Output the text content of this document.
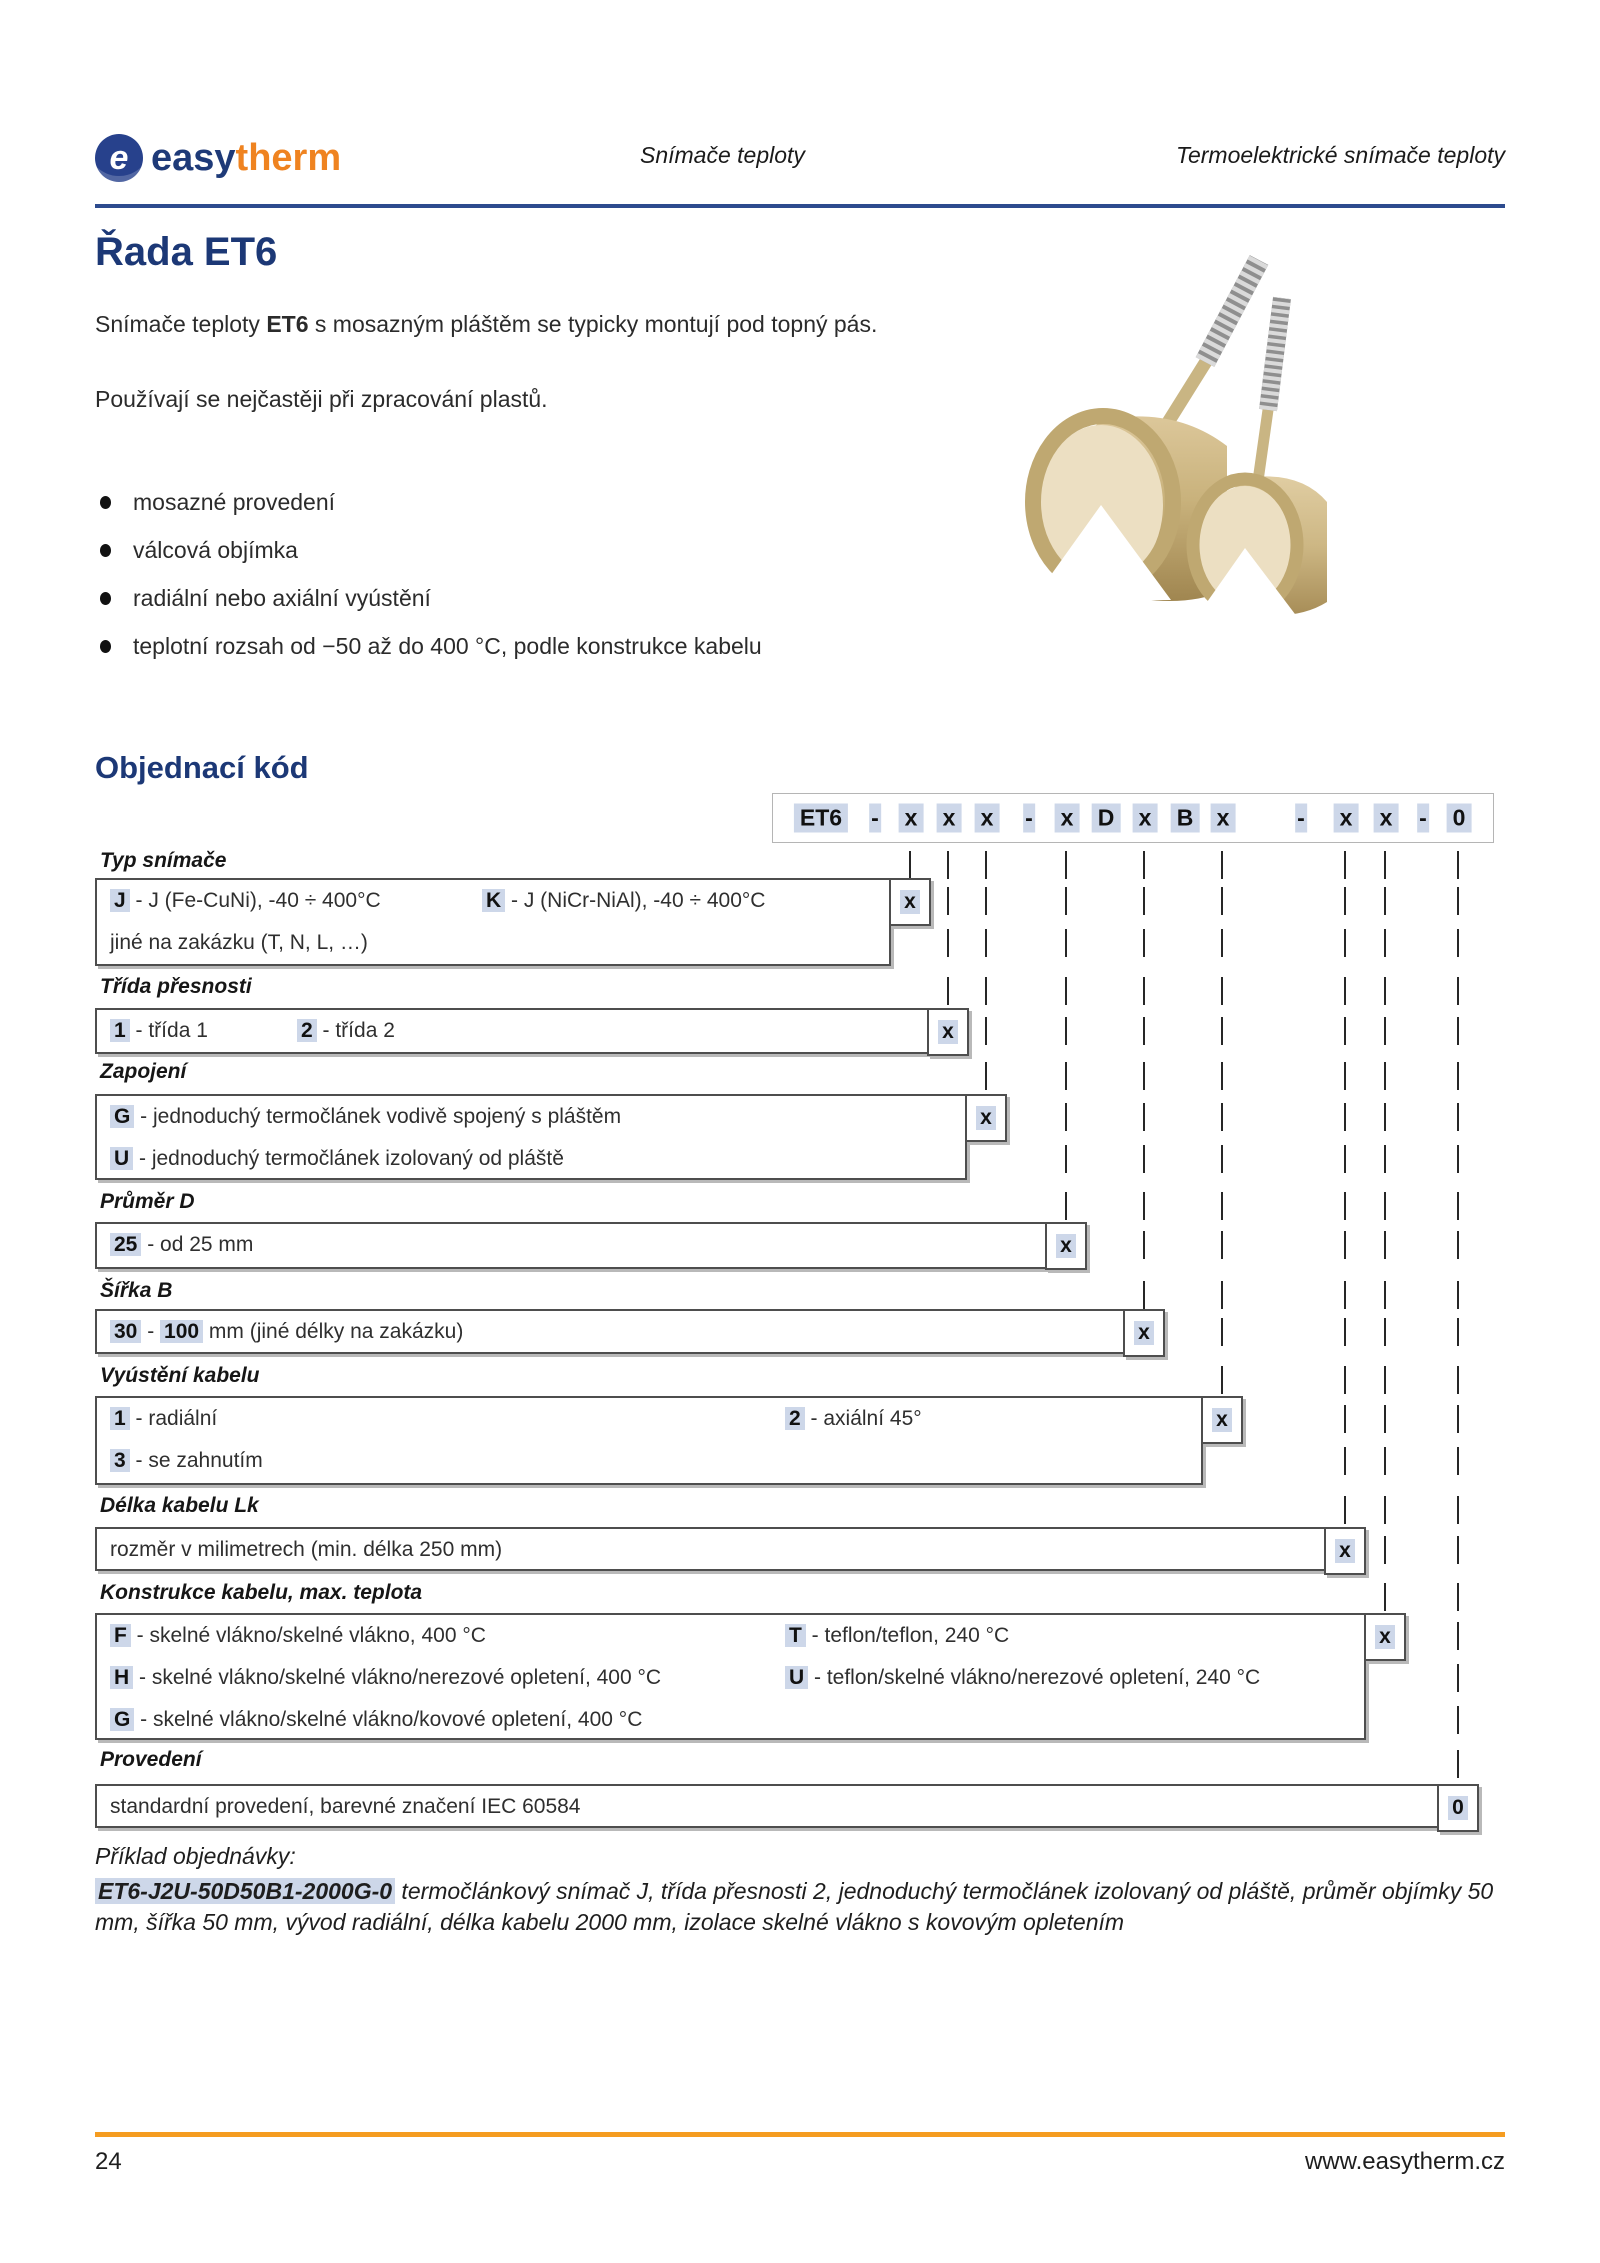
e easy therm	Snímače teploty	Termoelektrické snímače teploty
Řada ET6
Snímače teploty ET6 s mosazným pláštěm se typicky montují pod topný pás.
Používají se nejčastěji při zpracování plastů.
mosazné provedení
válcová objímka
radiální nebo axiální vyústění
teplotní rozsah od −50 až do 400 °C, podle konstrukce kabelu
Objednací kód
ET6 - x x x - x D x B x	- x x - 0
Typ snímače
J - J (Fe-CuNi), -40 ÷ 400°C	K - J (NiCr-NiAl), -40 ÷ 400°C
jiné na zakázku (T, N, L, …)
x
Třída přesnosti
1 - třída 1	2 - třída 2	x
Zapojení
G - jednoduchý termočlánek vodivě spojený s pláštěm
U - jednoduchý termočlánek izolovaný od pláště
x
Průměr D
25 - od 25 mm	x
Šířka B
30 - 100 mm (jiné délky na zakázku)	x
Vyústění kabelu
1 - radiální	2 - axiální 45°
3 - se zahnutím
x
Délka kabelu Lk
rozměr v milimetrech (min. délka 250 mm)	x
Konstrukce kabelu, max. teplota
F - skelné vlákno/skelné vlákno, 400 °C	T - teflon/teflon, 240 °C
H - skelné vlákno/skelné vlákno/nerezové opletení, 400 °C	U - teflon/skelné vlákno/nerezové opletení, 240 °C
G - skelné vlákno/skelné vlákno/kovové opletení, 400 °C
x
Provedení
standardní provedení, barevné značení IEC 60584	0
Příklad objednávky:
ET6-J2U-50D50B1-2000G-0 termočlánkový snímač J, třída přesnosti 2, jednoduchý termočlánek izolovaný od pláště, průměr objímky 50 mm, šířka 50 mm, vývod radiální, délka kabelu 2000 mm, izolace skelné vlákno s kovovým opletením
24	www.easytherm.cz
